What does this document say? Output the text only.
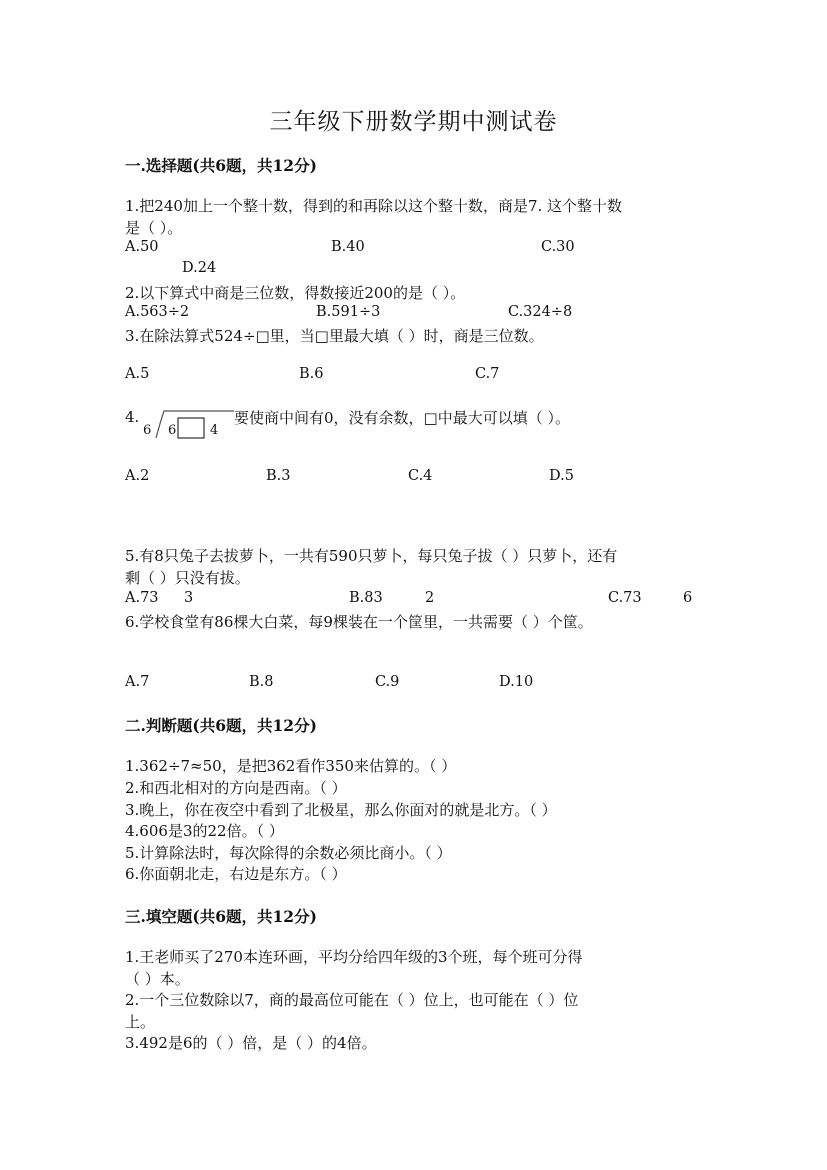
三年级下册数学期中测试卷
一.选择题(共6题，共12分)
1.把240加上一个整十数，得到的和再除以这个整十数，商是7. 这个整十数
是（ ）。
A.50	B.40	C.30
D.24
2.以下算式中商是三位数，得数接近200的是（ ）。
A.563÷2	B.591÷3	C.324÷8
3.在除法算式524÷□里，当□里最大填（ ）时，商是三位数。
A.5	B.6	C.7
4.
6 6	4
要使商中间有0，没有余数，□中最大可以填（ ）。
A.2	B.3	C.4	D.5
5.有8只兔子去拔萝卜，一共有590只萝卜，每只兔子拔（ ）只萝卜，还有
剩（ ）只没有拔。
A.73 3	B.83	2	C.73	6
6.学校食堂有86棵大白菜，每9棵装在一个筐里，一共需要（ ）个筐。
A.7	B.8	C.9	D.10
二.判断题(共6题，共12分)
1.362÷7≈50，是把362看作350来估算的。（ ）
2.和西北相对的方向是西南。（ ）
3.晚上，你在夜空中看到了北极星，那么你面对的就是北方。（ ）
4.606是3的22倍。（ ）
5.计算除法时，每次除得的余数必须比商小。（ ）
6.你面朝北走，右边是东方。（ ）
三.填空题(共6题，共12分)
1.王老师买了270本连环画，平均分给四年级的3个班，每个班可分得
（ ）本。
2.一个三位数除以7，商的最高位可能在（ ）位上，也可能在（ ）位
上。
3.492是6的（ ）倍，是（ ）的4倍。
